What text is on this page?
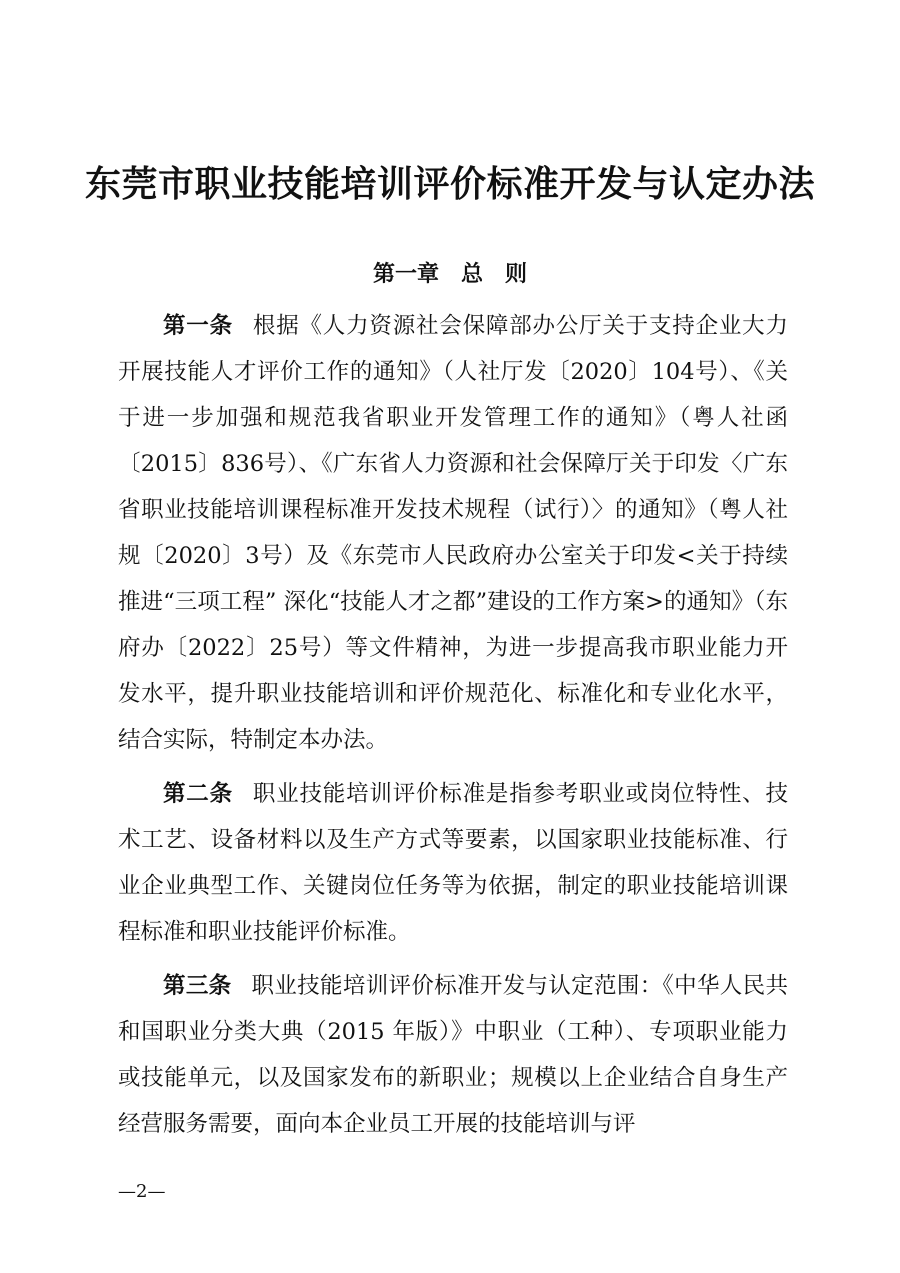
东莞市职业技能培训评价标准开发与认定办法
第一章　总　则

第一条 根据《人力资源社会保障部办公厅关于支持企业大力开展技能人才评价工作的通知》（人社厅发〔2020〕104号）、《关于进一步加强和规范我省职业开发管理工作的通知》（粤人社函〔2015〕836号）、《广东省人力资源和社会保障厅关于印发〈广东省职业技能培训课程标准开发技术规程（试行）〉的通知》（粤人社规〔2020〕3号）及《东莞市人民政府办公室关于印发<关于持续推进“三项工程” 深化“技能人才之都”建设的工作方案>的通知》（东府办〔2022〕25号）等文件精神，为进一步提高我市职业能力开发水平，提升职业技能培训和评价规范化、标准化和专业化水平，结合实际，特制定本办法。

第二条 职业技能培训评价标准是指参考职业或岗位特性、技术工艺、设备材料以及生产方式等要素，以国家职业技能标准、行业企业典型工作、关键岗位任务等为依据，制定的职业技能培训课程标准和职业技能评价标准。

第三条 职业技能培训评价标准开发与认定范围：《中华人民共和国职业分类大典（2015 年版）》中职业（工种）、专项职业能力或技能单元，以及国家发布的新职业；规模以上企业结合自身生产经营服务需要，面向本企业员工开展的技能培训与评

—2—
